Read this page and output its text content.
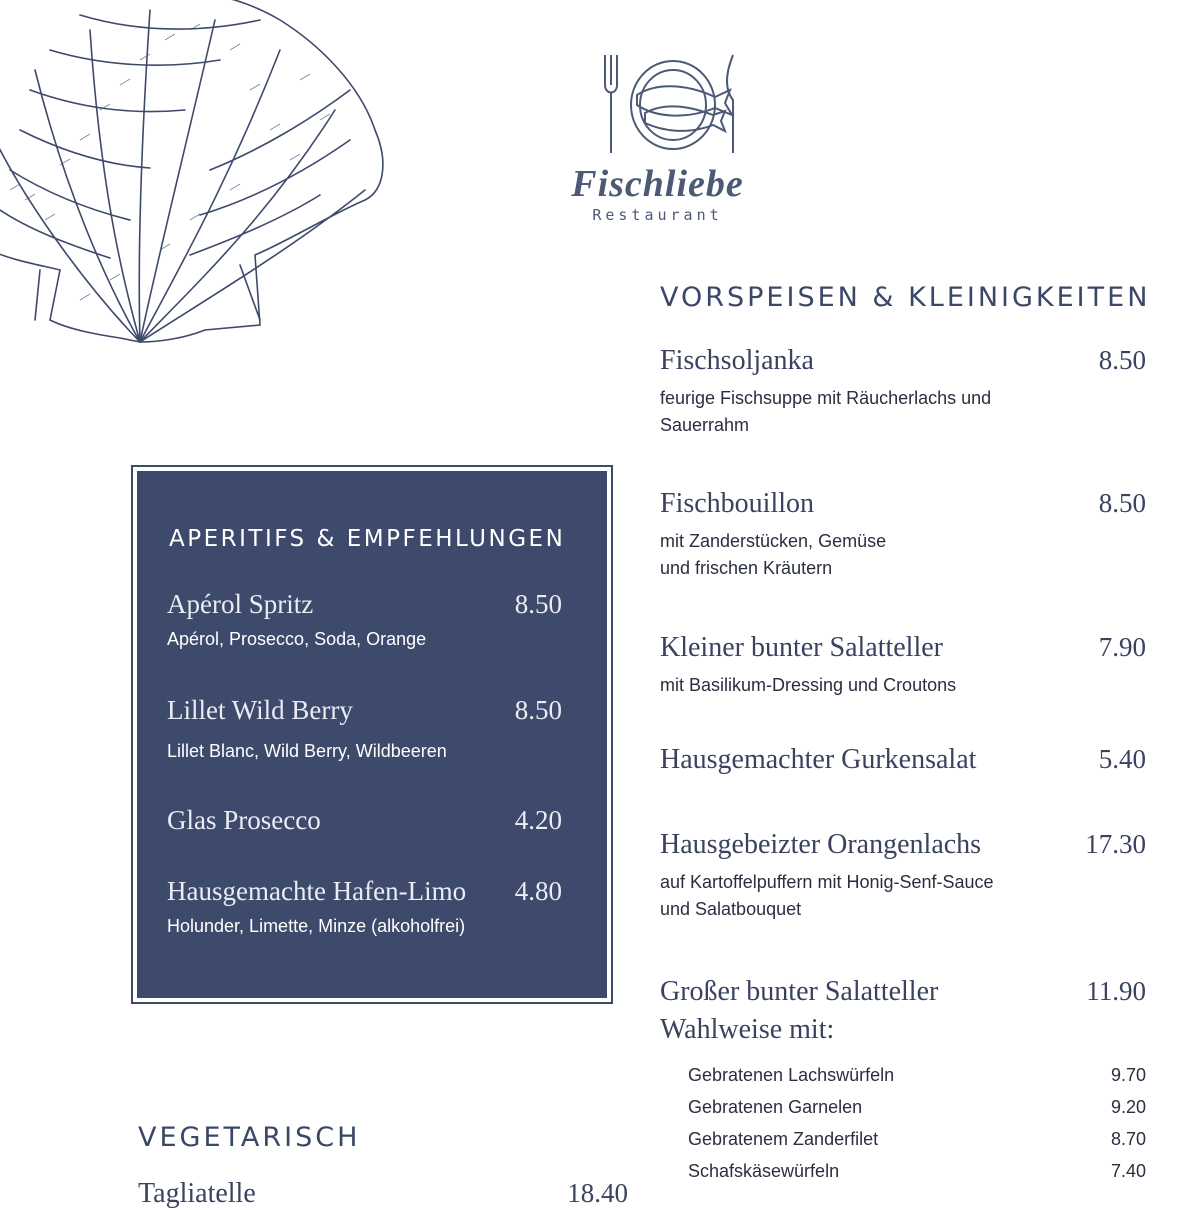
Fischliebe
Restaurant
APERITIFS & EMPFEHLUNGEN
Apérol Spritz	8.50
Apérol, Prosecco, Soda, Orange
Lillet Wild Berry	8.50
Lillet Blanc, Wild Berry, Wildbeeren
Glas Prosecco	4.20
Hausgemachte Hafen-Limo	4.80
Holunder, Limette, Minze (alkoholfrei)
VORSPEISEN & KLEINIGKEITEN
Fischsoljanka	8.50
feurige Fischsuppe mit Räucherlachs und
Sauerrahm
Fischbouillon	8.50
mit Zanderstücken, Gemüse
und frischen Kräutern
Kleiner bunter Salatteller	7.90
mit Basilikum-Dressing und Croutons
Hausgemachter Gurkensalat	5.40
Hausgebeizter Orangenlachs	17.30
auf Kartoffelpuffern mit Honig-Senf-Sauce
und Salatbouquet
Großer bunter Salatteller	11.90
Wahlweise mit:
Gebratenen Lachswürfeln	9.70
Gebratenen Garnelen	9.20
Gebratenem Zanderfilet	8.70
Schafskäsewürfeln	7.40
VEGETARISCH
Tagliatelle	18.40
